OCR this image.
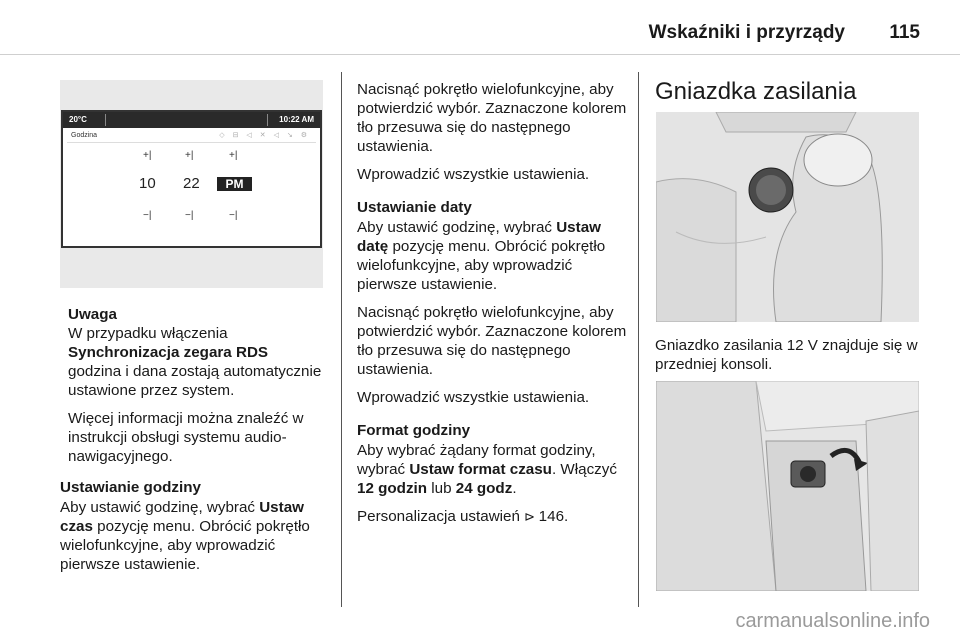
Wskaźniki i przyrządy 115
20°C	10:22 AM
Godzina	◇ ⊟ ◁ ✕ ◁ ↘ ⚙
+|	+|	+|
10 22	PM
−|	−|	−|

Uwaga

W przypadku włączenia
Synchronizacja zegara RDS
godzina i dana zostają automatycznie ustawione przez system.

Więcej informacji można znaleźć w instrukcji obsługi systemu audio-nawigacyjnego.

Ustawianie godziny

Aby ustawić godzinę, wybrać Ustaw czas pozycję menu. Obrócić pokrętło wielofunkcyjne, aby wprowadzić pierwsze ustawienie.

Nacisnąć pokrętło wielofunkcyjne, aby potwierdzić wybór. Zaznaczone kolorem tło przesuwa się do następnego ustawienia.

Wprowadzić wszystkie ustawienia.

Ustawianie daty

Aby ustawić godzinę, wybrać Ustaw datę pozycję menu. Obrócić pokrętło wielofunkcyjne, aby wprowadzić pierwsze ustawienie.

Nacisnąć pokrętło wielofunkcyjne, aby potwierdzić wybór. Zaznaczone kolorem tło przesuwa się do następnego ustawienia.

Wprowadzić wszystkie ustawienia.

Format godziny

Aby wybrać żądany format godziny, wybrać Ustaw format czasu. Włączyć 12 godzin lub 24 godz.

Personalizacja ustawień ⊳ 146.

Gniazdka zasilania

Gniazdko zasilania 12 V znajduje się w przedniej konsoli.

carmanualsonline.info
